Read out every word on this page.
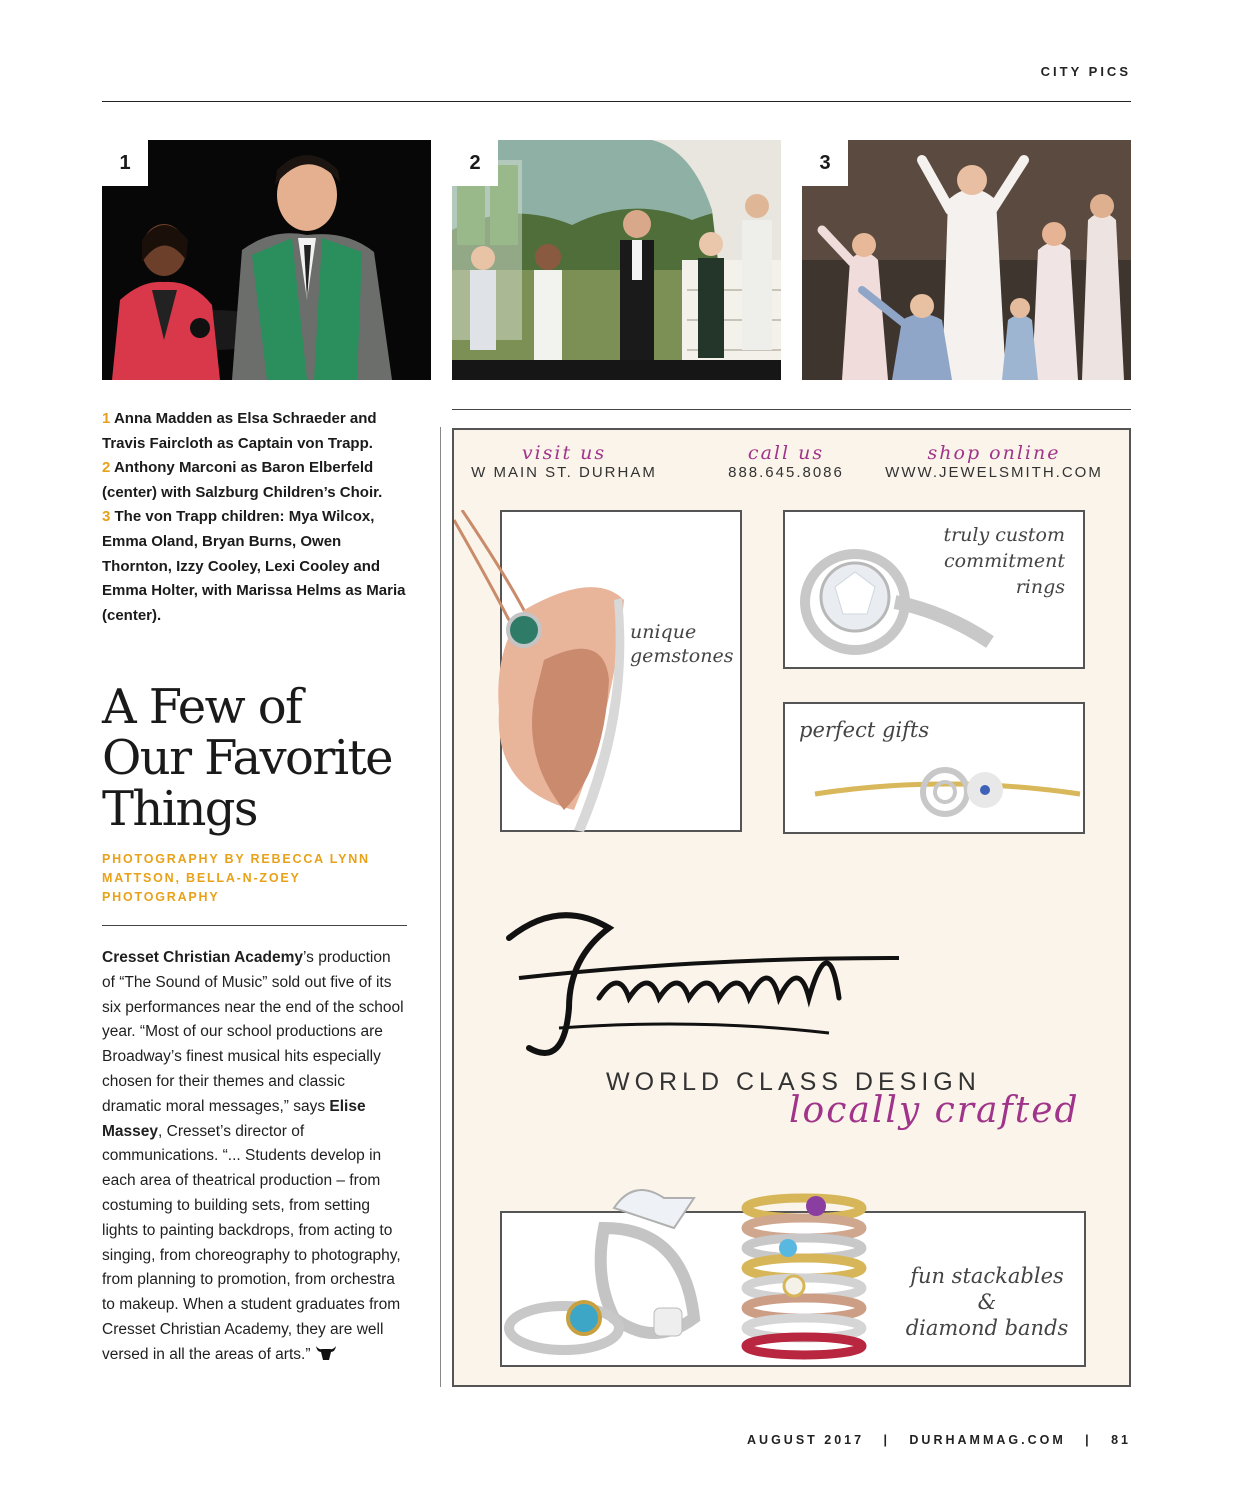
CITY PICS
1	2	3
1 Anna Madden as Elsa Schraeder and Travis Faircloth as Captain von Trapp.
2 Anthony Marconi as Baron Elberfeld (center) with Salzburg Children’s Choir.
3 The von Trapp children: Mya Wilcox, Emma Oland, Bryan Burns, Owen Thornton, Izzy Cooley, Lexi Cooley and Emma Holter, with Marissa Helms as Maria (center).
A Few of
Our Favorite
Things
PHOTOGRAPHY BY REBECCA LYNN MATTSON, BELLA-N-ZOEY PHOTOGRAPHY
Cresset Christian Academy’s production of “The Sound of Music” sold out five of its six performances near the end of the school year. “Most of our school productions are Broadway’s finest musical hits especially chosen for their themes and classic dramatic moral messages,” says Elise Massey, Cresset’s director of communications. “... Students develop in each area of theatrical production – from costuming to building sets, from setting lights to painting backdrops, from acting to singing, from choreography to photography, from planning to promotion, from orchestra to makeup. When a student graduates from Cresset Christian Academy, they are well versed in all the areas of arts.”
visit us
W MAIN ST. DURHAM
call us
888.645.8086
shop online
WWW.JEWELSMITH.COM
unique
gemstones
truly custom
commitment
rings
perfect gifts
WORLD CLASS DESIGN
locally crafted
fun stackables
&
diamond bands
AUGUST 2017   |   DURHAMMAG.COM   |   81
